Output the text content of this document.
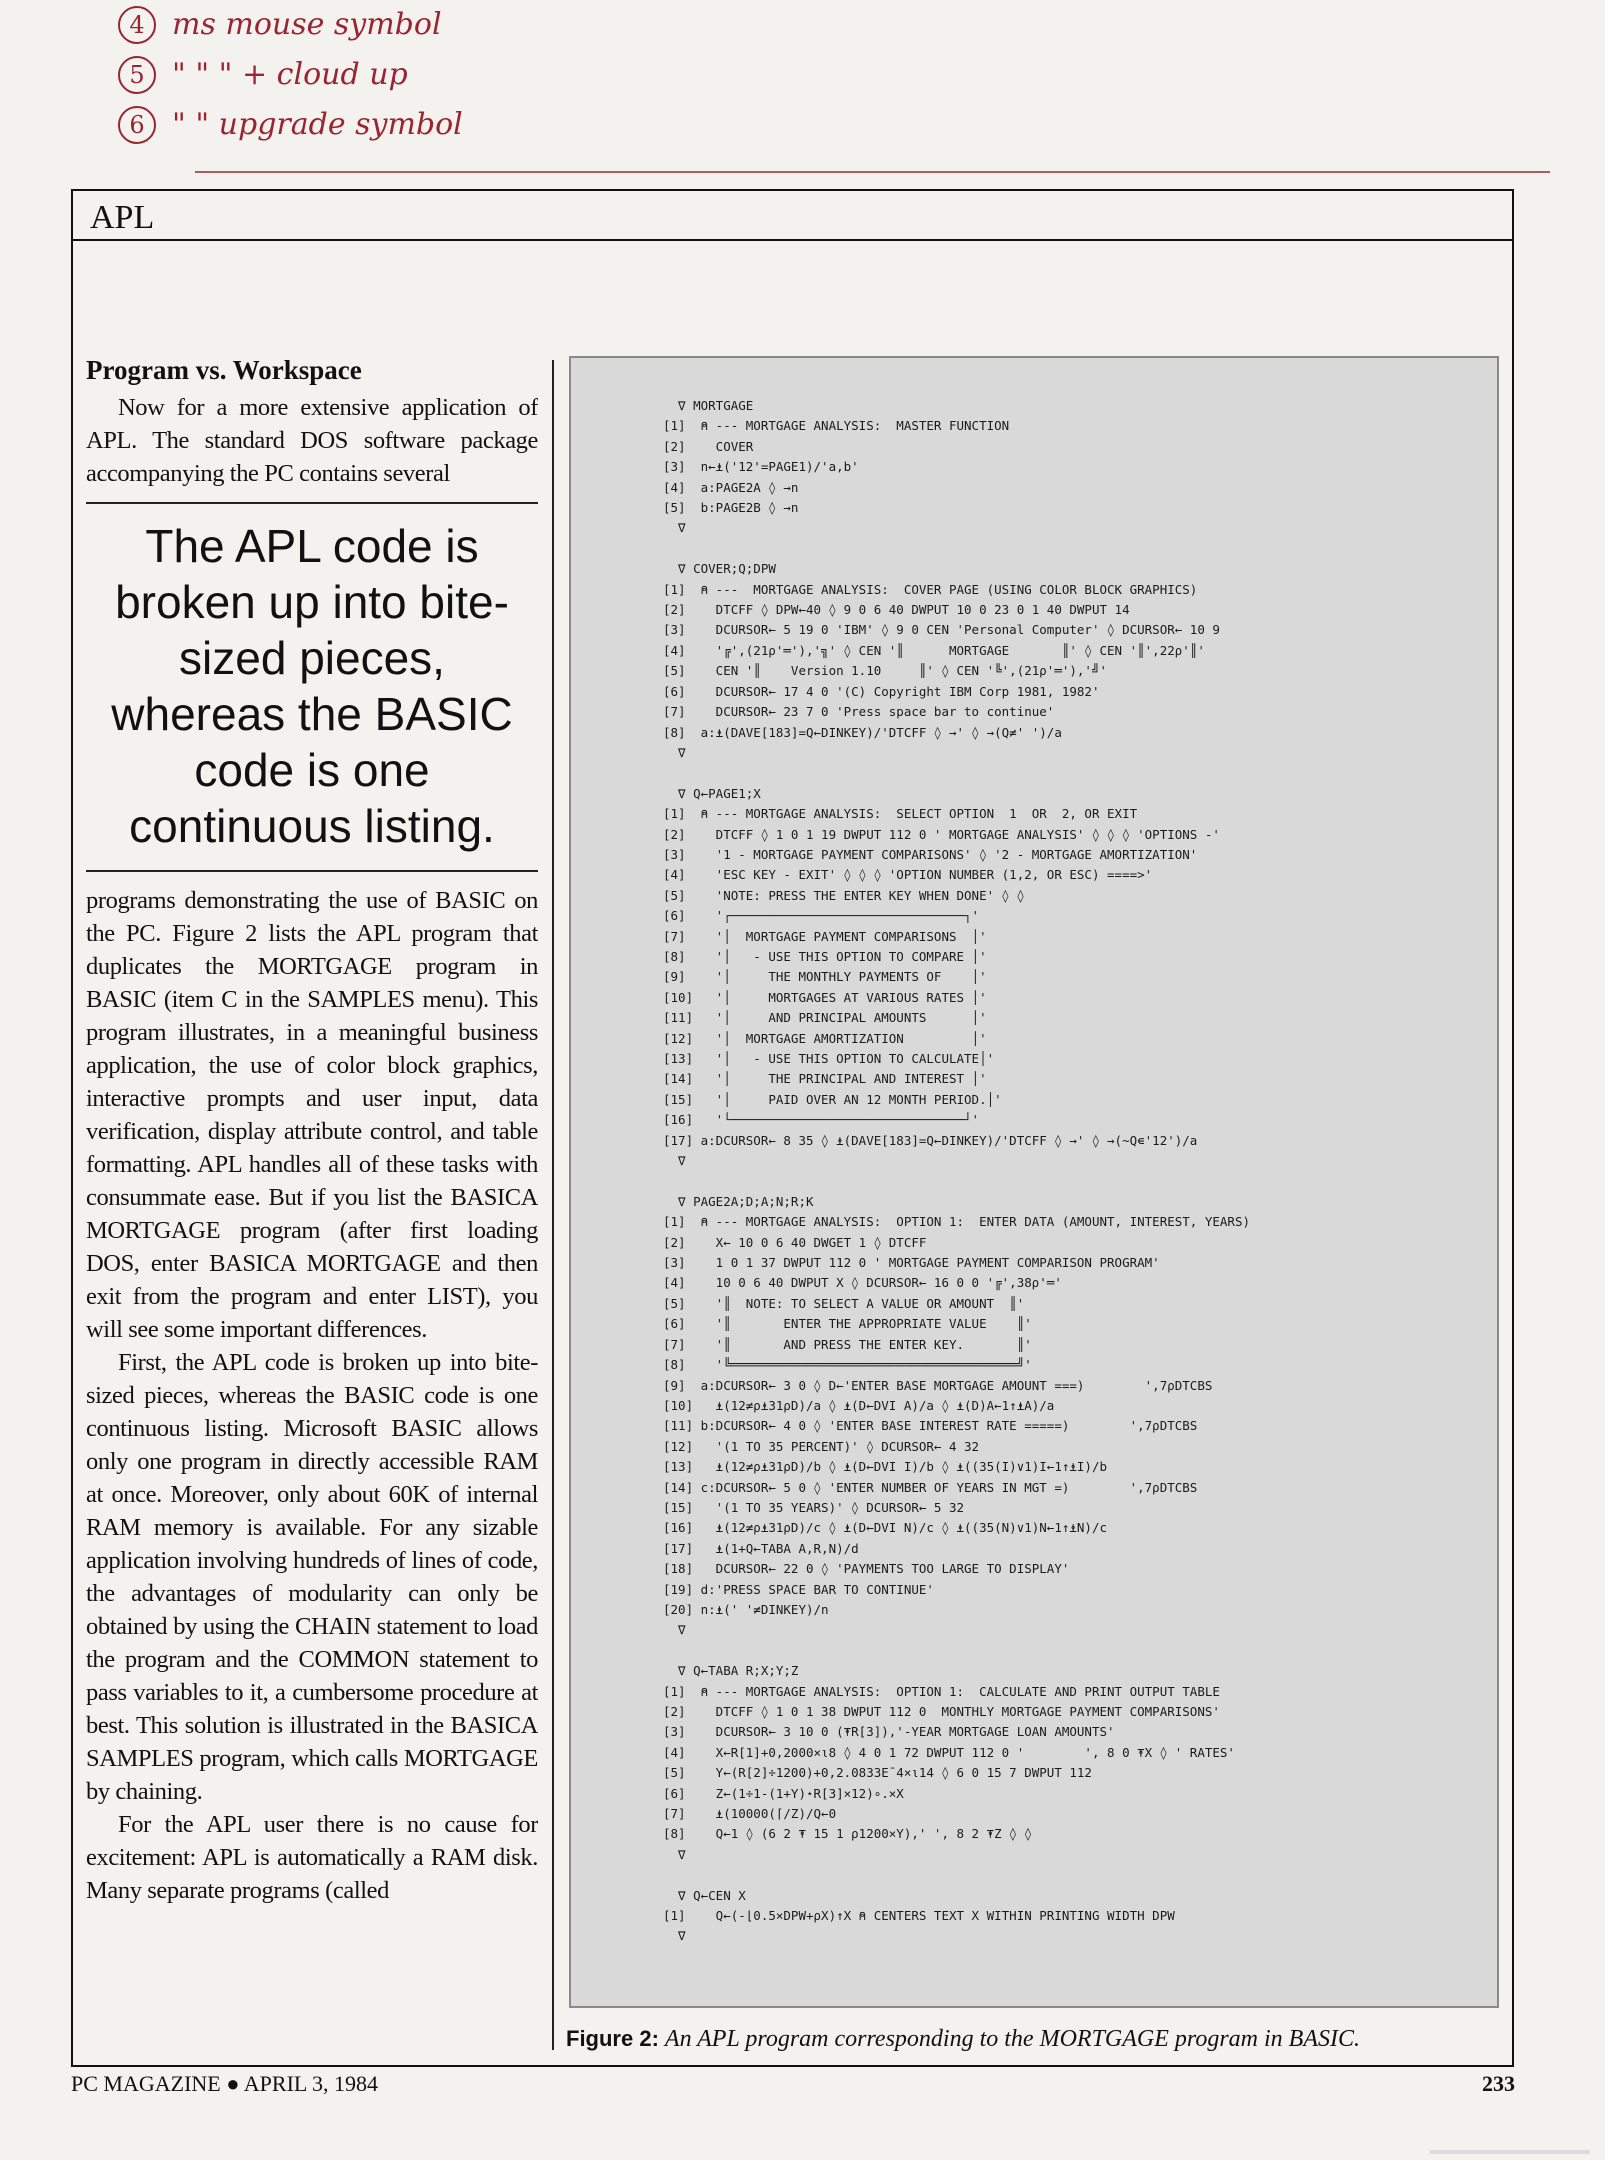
4 ms mouse symbol
5 " " " + cloud up
6 " " upgrade symbol
APL
Program vs. Workspace

Now for a more extensive application of APL. The standard DOS software package accompanying the PC contains several

The APL code is broken up into bite-sized pieces, whereas the BASIC code is one continuous listing.

programs demonstrating the use of BASIC on the PC. Figure 2 lists the APL program that duplicates the MORTGAGE program in BASIC (item C in the SAMPLES menu). This program illustrates, in a meaningful business application, the use of color block graphics, interactive prompts and user input, data verification, display attribute control, and table formatting. APL handles all of these tasks with consummate ease. But if you list the BASICA MORTGAGE program (after first loading DOS, enter BASICA MORTGAGE and then exit from the program and enter LIST), you will see some important differences.

First, the APL code is broken up into bite-sized pieces, whereas the BASIC code is one continuous listing. Microsoft BASIC allows only one program in directly accessible RAM at once. Moreover, only about 60K of internal RAM memory is available. For any sizable application involving hundreds of lines of code, the advantages of modularity can only be obtained by using the CHAIN statement to load the program and the COMMON statement to pass variables to it, a cumbersome procedure at best. This solution is illustrated in the BASICA SAMPLES program, which calls MORTGAGE by chaining.

For the APL user there is no cause for excitement: APL is automatically a RAM disk. Many separate programs (called

∇ MORTGAGE
[1]  ⍝ --- MORTGAGE ANALYSIS:  MASTER FUNCTION
[2]    COVER
[3]  n←⍎('12'=PAGE1)/'a,b'
[4]  a:PAGE2A ◊ →n
[5]  b:PAGE2B ◊ →n
∇

∇ COVER;Q;DPW
[1]  ⍝ ---  MORTGAGE ANALYSIS:  COVER PAGE (USING COLOR BLOCK GRAPHICS)
[2]    DTCFF ◊ DPW←40 ◊ 9 0 6 40 DWPUT 10 0 23 0 1 40 DWPUT 14
[3]    DCURSOR← 5 19 0 'IBM' ◊ 9 0 CEN 'Personal Computer' ◊ DCURSOR← 10 9
[4]    '╔',(21⍴'═'),'╗' ◊ CEN '║      MORTGAGE       ║' ◊ CEN '║',22⍴'║'
[5]    CEN '║    Version 1.10     ║' ◊ CEN '╚',(21⍴'═'),'╝'
[6]    DCURSOR← 17 4 0 '(C) Copyright IBM Corp 1981, 1982'
[7]    DCURSOR← 23 7 0 'Press space bar to continue'
[8]  a:⍎(DAVE[183]=Q←DINKEY)/'DTCFF ◊ →' ◊ →(Q≠' ')/a
∇

∇ Q←PAGE1;X
[1]  ⍝ --- MORTGAGE ANALYSIS:  SELECT OPTION  1  OR  2, OR EXIT
[2]    DTCFF ◊ 1 0 1 19 DWPUT 112 0 ' MORTGAGE ANALYSIS' ◊ ◊ ◊ 'OPTIONS -'
[3]    '1 - MORTGAGE PAYMENT COMPARISONS' ◊ '2 - MORTGAGE AMORTIZATION'
[4]    'ESC KEY - EXIT' ◊ ◊ ◊ 'OPTION NUMBER (1,2, OR ESC) ====>'
[5]    'NOTE: PRESS THE ENTER KEY WHEN DONE' ◊ ◊
[6]    '┌───────────────────────────────┐'
[7]    '│  MORTGAGE PAYMENT COMPARISONS  │'
[8]    '│   - USE THIS OPTION TO COMPARE │'
[9]    '│     THE MONTHLY PAYMENTS OF    │'
[10]   '│     MORTGAGES AT VARIOUS RATES │'
[11]   '│     AND PRINCIPAL AMOUNTS      │'
[12]   '│  MORTGAGE AMORTIZATION         │'
[13]   '│   - USE THIS OPTION TO CALCULATE│'
[14]   '│     THE PRINCIPAL AND INTEREST │'
[15]   '│     PAID OVER AN 12 MONTH PERIOD.│'
[16]   '└───────────────────────────────┘'
[17] a:DCURSOR← 8 35 ◊ ⍎(DAVE[183]=Q←DINKEY)/'DTCFF ◊ →' ◊ →(~Q∊'12')/a
∇

∇ PAGE2A;D;A;N;R;K
[1]  ⍝ --- MORTGAGE ANALYSIS:  OPTION 1:  ENTER DATA (AMOUNT, INTEREST, YEARS)
[2]    X← 10 0 6 40 DWGET 1 ◊ DTCFF
[3]    1 0 1 37 DWPUT 112 0 ' MORTGAGE PAYMENT COMPARISON PROGRAM'
[4]    10 0 6 40 DWPUT X ◊ DCURSOR← 16 0 0 '╔',38⍴'═'
[5]    '║  NOTE: TO SELECT A VALUE OR AMOUNT  ║'
[6]    '║       ENTER THE APPROPRIATE VALUE    ║'
[7]    '║       AND PRESS THE ENTER KEY.       ║'
[8]    '╚══════════════════════════════════════╝'
[9]  a:DCURSOR← 3 0 ◊ D←'ENTER BASE MORTGAGE AMOUNT ===)        ',7⍴DTCBS
[10]   ⍎(12≠⍴⍎31⍴D)/a ◊ ⍎(D←DVI A)/a ◊ ⍎(D)A←1↑⍎A)/a
[11] b:DCURSOR← 4 0 ◊ 'ENTER BASE INTEREST RATE =====)        ',7⍴DTCBS
[12]   '(1 TO 35 PERCENT)' ◊ DCURSOR← 4 32
[13]   ⍎(12≠⍴⍎31⍴D)/b ◊ ⍎(D←DVI I)/b ◊ ⍎((35(I)∨1)I←1↑⍎I)/b
[14] c:DCURSOR← 5 0 ◊ 'ENTER NUMBER OF YEARS IN MGT =)        ',7⍴DTCBS
[15]   '(1 TO 35 YEARS)' ◊ DCURSOR← 5 32
[16]   ⍎(12≠⍴⍎31⍴D)/c ◊ ⍎(D←DVI N)/c ◊ ⍎((35(N)∨1)N←1↑⍎N)/c
[17]   ⍎(1+Q←TABA A,R,N)/d
[18]   DCURSOR← 22 0 ◊ 'PAYMENTS TOO LARGE TO DISPLAY'
[19] d:'PRESS SPACE BAR TO CONTINUE'
[20] n:⍎(' '≠DINKEY)/n
∇

∇ Q←TABA R;X;Y;Z
[1]  ⍝ --- MORTGAGE ANALYSIS:  OPTION 1:  CALCULATE AND PRINT OUTPUT TABLE
[2]    DTCFF ◊ 1 0 1 38 DWPUT 112 0  MONTHLY MORTGAGE PAYMENT COMPARISONS'
[3]    DCURSOR← 3 10 0 (⍕R[3]),'-YEAR MORTGAGE LOAN AMOUNTS'
[4]    X←R[1]+0,2000×⍳8 ◊ 4 0 1 72 DWPUT 112 0 '        ', 8 0 ⍕X ◊ ' RATES'
[5]    Y←(R[2]÷1200)+0,2.0833E¯4×⍳14 ◊ 6 0 15 7 DWPUT 112
[6]    Z←(1÷1-(1+Y)⋆R[3]×12)∘.×X
[7]    ⍎(10000(⌈/Z)/Q←0
[8]    Q←1 ◊ (6 2 ⍕ 15 1 ⍴1200×Y),' ', 8 2 ⍕Z ◊ ◊
∇

∇ Q←CEN X
[1]    Q←(-⌊0.5×DPW+⍴X)↑X ⍝ CENTERS TEXT X WITHIN PRINTING WIDTH DPW
∇
Figure 2: An APL program corresponding to the MORTGAGE program in BASIC.
PC MAGAZINE ● APRIL 3, 1984	233
